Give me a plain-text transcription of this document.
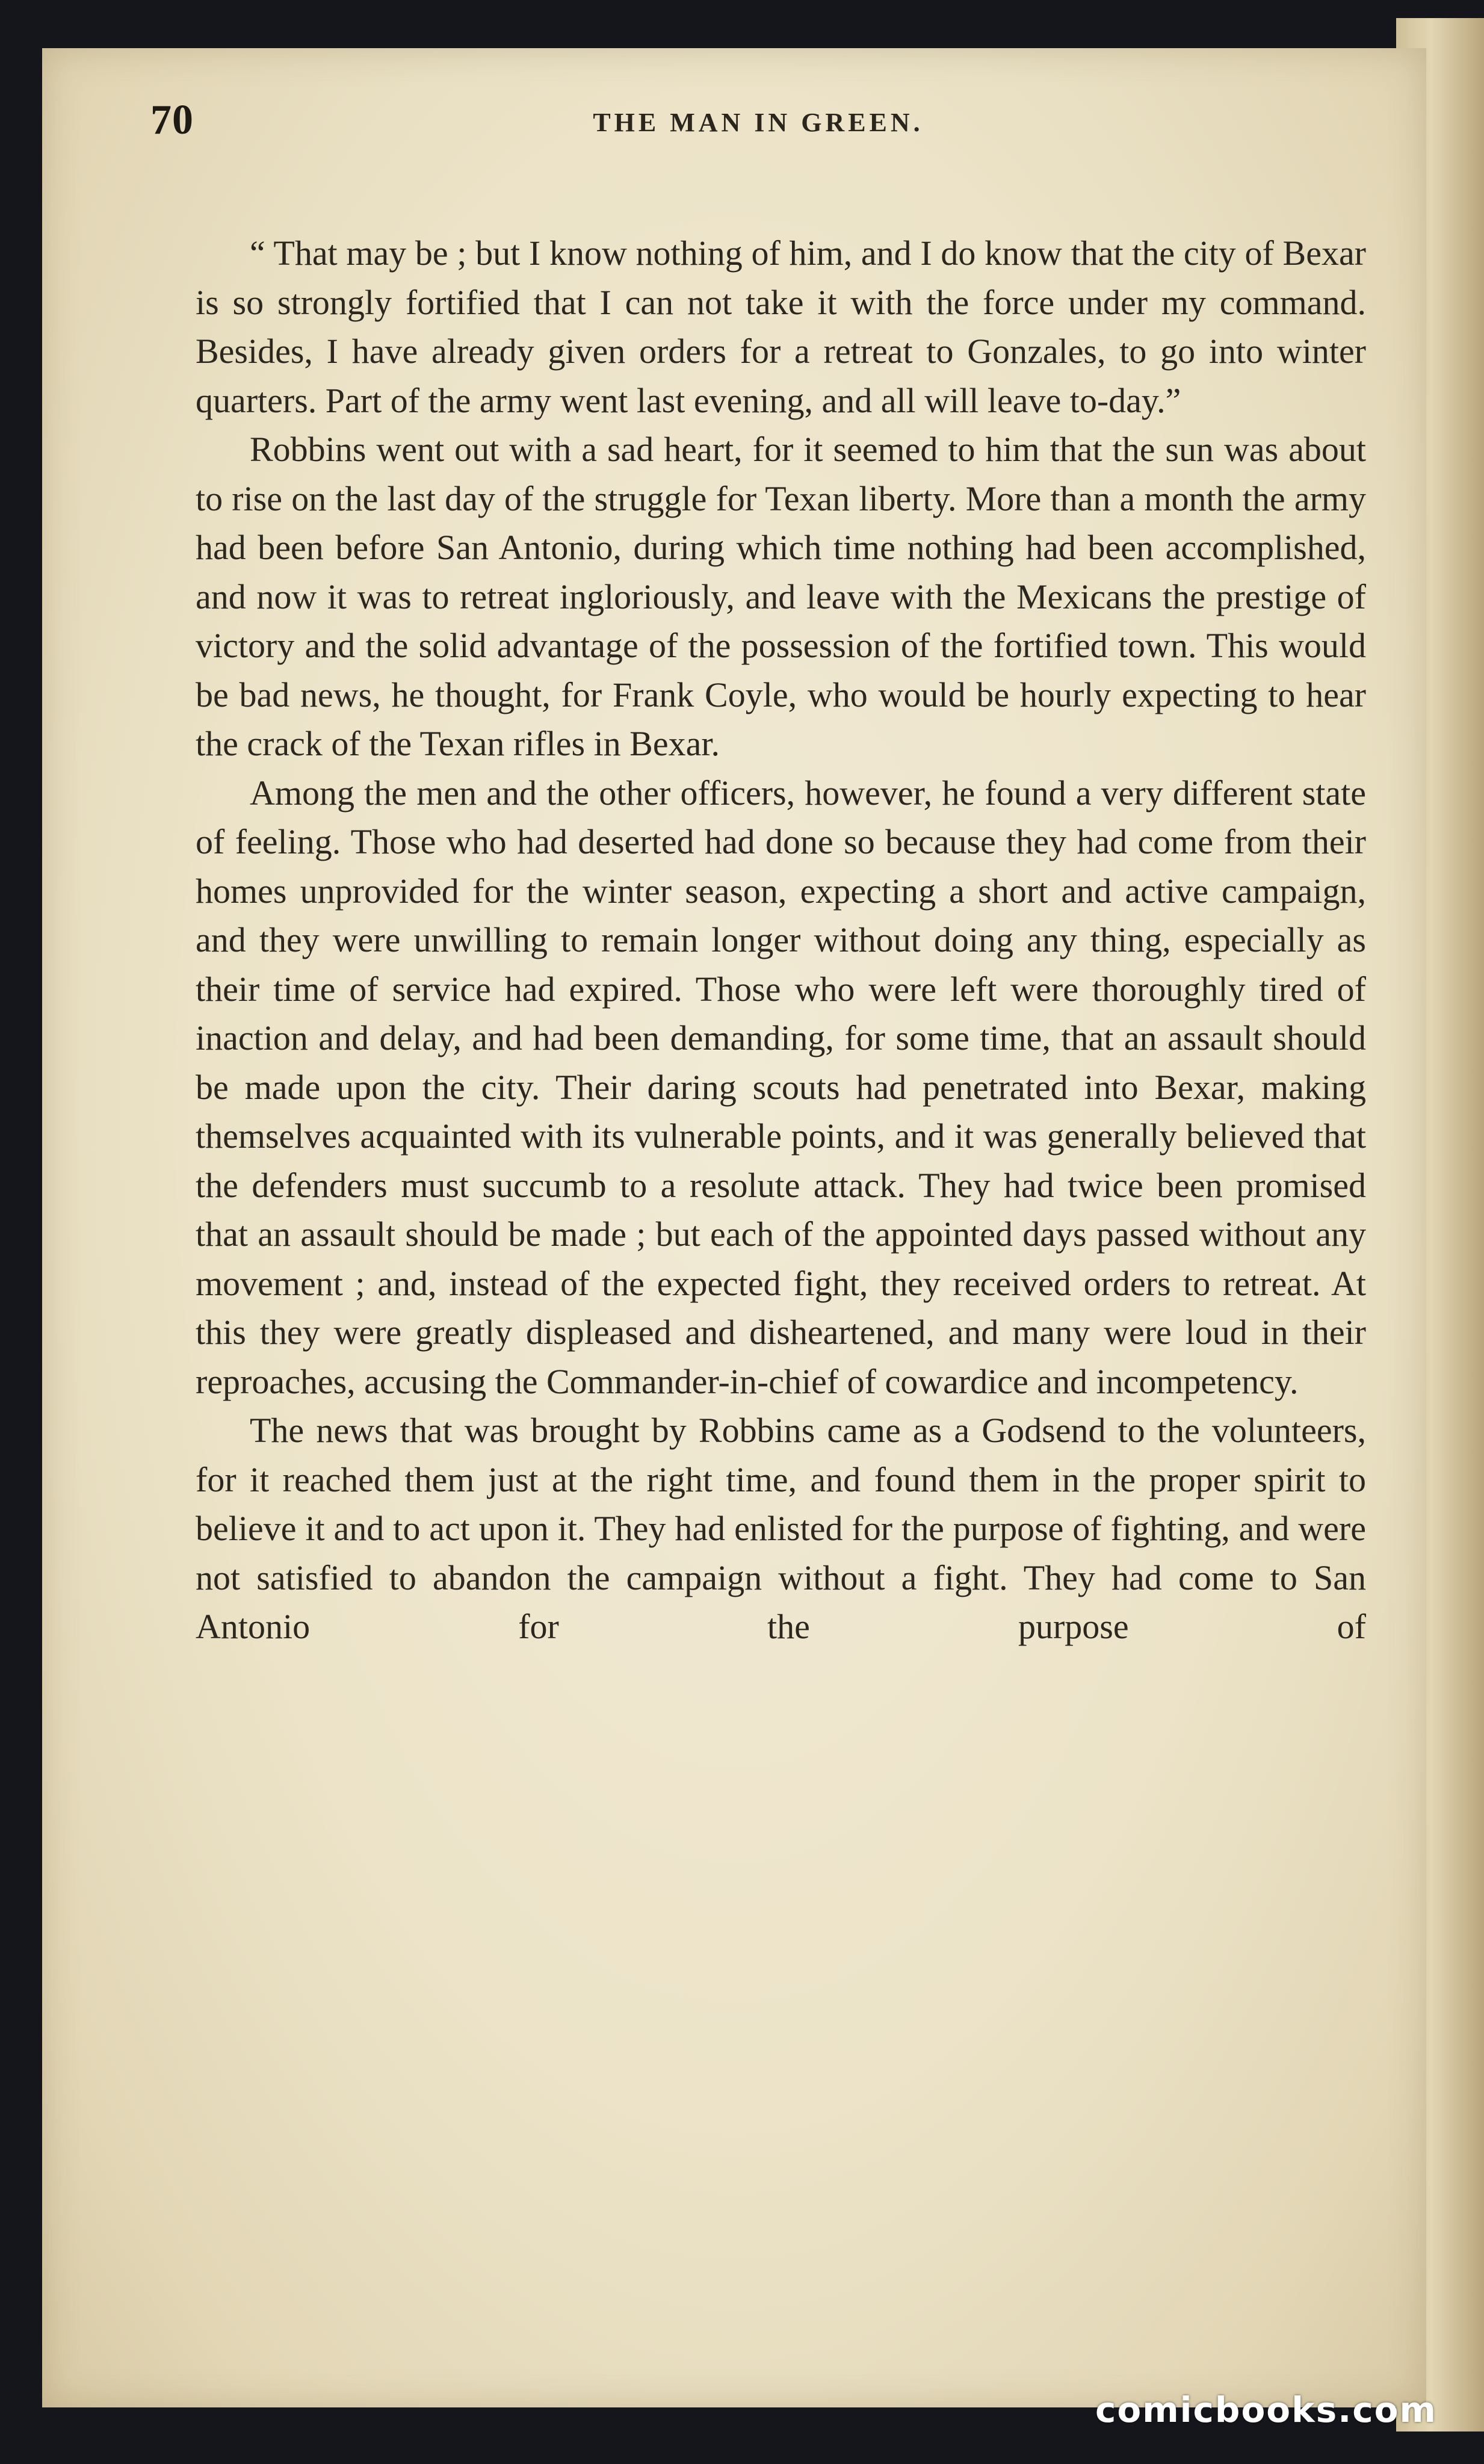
70	THE MAN IN GREEN.

“ That may be ; but I know nothing of him, and I do know that the city of Bexar is so strongly fortified that I can not take it with the force under my command. Besides, I have already given orders for a retreat to Gonzales, to go into winter quarters. Part of the army went last evening, and all will leave to-day.”

Robbins went out with a sad heart, for it seemed to him that the sun was about to rise on the last day of the struggle for Texan liberty. More than a month the army had been before San Antonio, during which time nothing had been accomplished, and now it was to retreat ingloriously, and leave with the Mexicans the prestige of victory and the solid advantage of the possession of the fortified town. This would be bad news, he thought, for Frank Coyle, who would be hourly expecting to hear the crack of the Texan rifles in Bexar.

Among the men and the other officers, however, he found a very different state of feeling. Those who had deserted had done so because they had come from their homes unprovided for the winter season, expecting a short and active campaign, and they were unwilling to remain longer without doing any thing, especially as their time of service had expired. Those who were left were thoroughly tired of inaction and delay, and had been demanding, for some time, that an assault should be made upon the city. Their daring scouts had penetrated into Bexar, making themselves acquainted with its vulnerable points, and it was generally believed that the defenders must succumb to a resolute attack. They had twice been promised that an assault should be made ; but each of the appointed days passed without any movement ; and, instead of the expected fight, they received orders to retreat. At this they were greatly displeased and disheartened, and many were loud in their reproaches, accusing the Commander-in-chief of cowardice and incompetency.

The news that was brought by Robbins came as a Godsend to the volunteers, for it reached them just at the right time, and found them in the proper spirit to believe it and to act upon it. They had enlisted for the purpose of fighting, and were not satisfied to abandon the campaign without a fight. They had come to San Antonio for the purpose of

comicbooks.com
